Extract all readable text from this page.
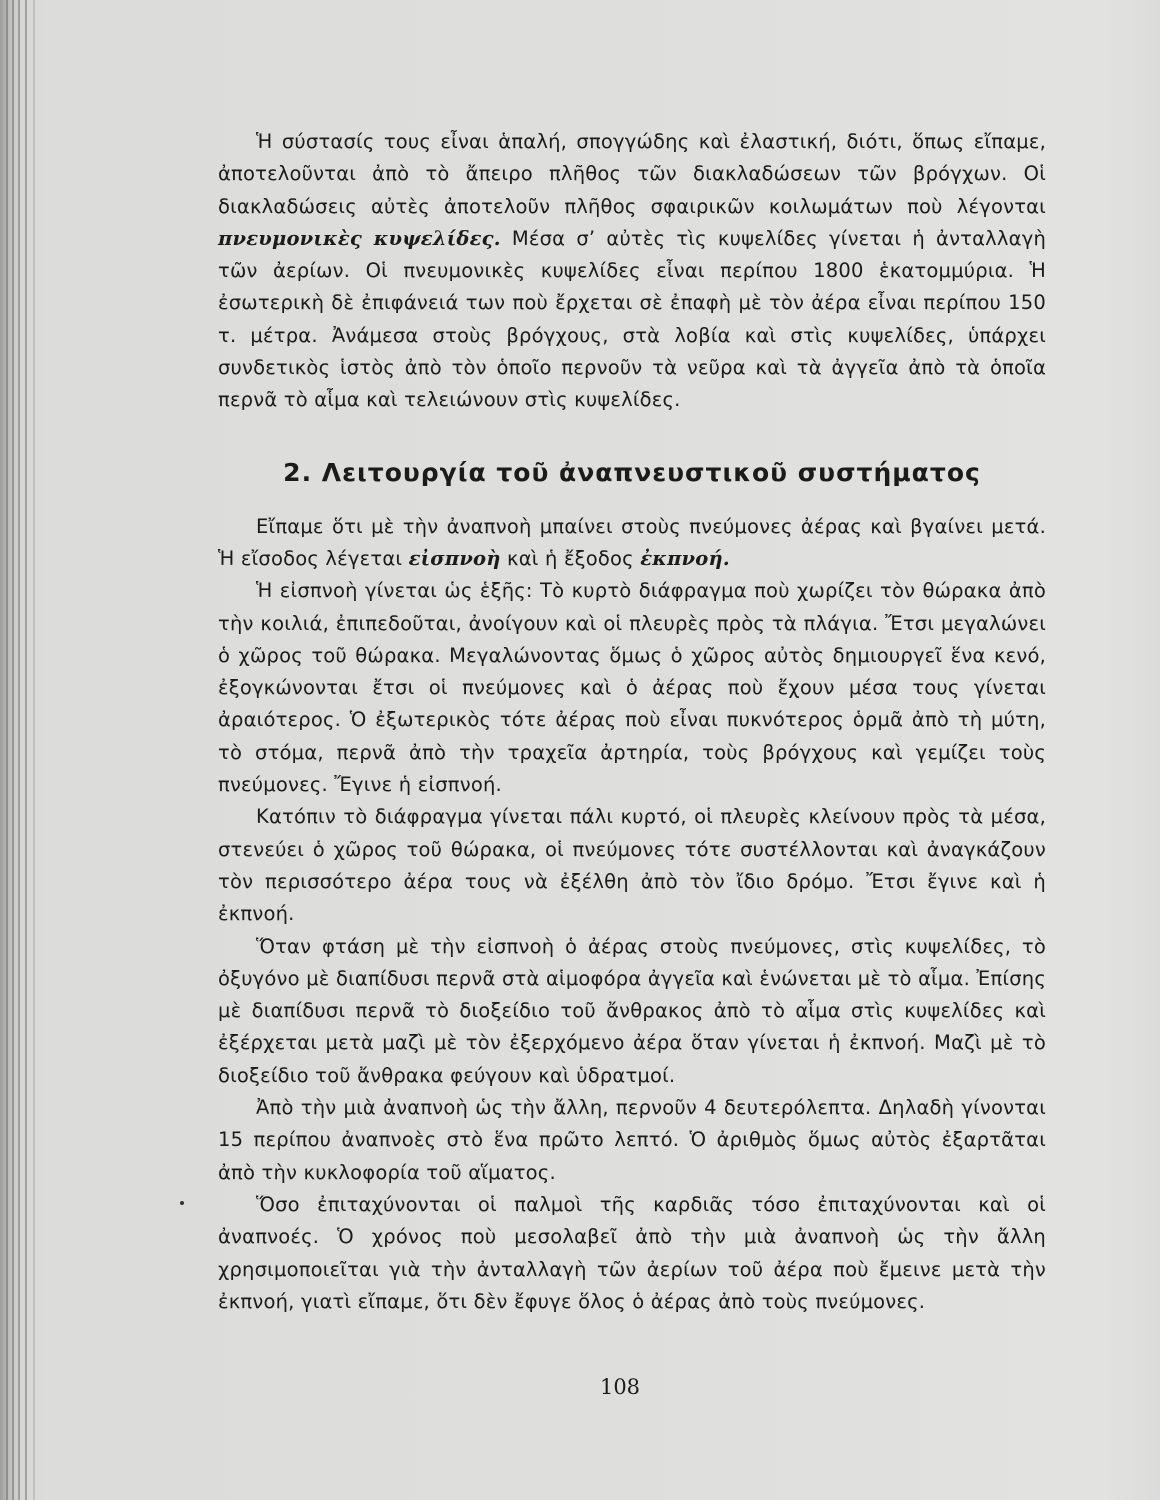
Ἡ σύστασίς τους εἶναι ἁπαλή, σπογγώδης καὶ ἐλαστική, διότι, ὅπως εἴπαμε, ἀποτελοῦνται ἀπὸ τὸ ἄπειρο πλῆθος τῶν διακλαδώσεων τῶν βρόγχων. Οἱ διακλαδώσεις αὐτὲς ἀποτελοῦν πλῆθος σφαιρικῶν κοιλωμάτων ποὺ λέγονται πνευμονικὲς κυψελίδες. Μέσα σ’ αὐτὲς τὶς κυψελίδες γίνεται ἡ ἀνταλλαγὴ τῶν ἀερίων. Οἱ πνευμονικὲς κυψελίδες εἶναι περίπου 1800 ἑκατομμύρια. Ἡ ἐσωτερικὴ δὲ ἐπιφάνειά των ποὺ ἔρχεται σὲ ἐπαφὴ μὲ τὸν ἀέρα εἶναι περίπου 150 τ. μέτρα. Ἀνάμεσα στοὺς βρόγχους, στὰ λοβία καὶ στὶς κυψελίδες, ὑπάρχει συνδετικὸς ἱστὸς ἀπὸ τὸν ὁποῖο περνοῦν τὰ νεῦρα καὶ τὰ ἀγγεῖα ἀπὸ τὰ ὁποῖα περνᾶ τὸ αἷμα καὶ τελειώνουν στὶς κυψελίδες.

2. Λειτουργία τοῦ ἀναπνευστικοῦ συστήματος

Εἴπαμε ὅτι μὲ τὴν ἀναπνοὴ μπαίνει στοὺς πνεύμονες ἀέρας καὶ βγαίνει μετά. Ἡ εἴσοδος λέγεται εἰσπνοὴ καὶ ἡ ἔξοδος ἐκπνοή.

Ἡ εἰσπνοὴ γίνεται ὡς ἑξῆς: Τὸ κυρτὸ διάφραγμα ποὺ χωρίζει τὸν θώρακα ἀπὸ τὴν κοιλιά, ἐπιπεδοῦται, ἀνοίγουν καὶ οἱ πλευρὲς πρὸς τὰ πλάγια. Ἔτσι μεγαλώνει ὁ χῶρος τοῦ θώρακα. Μεγαλώνοντας ὅμως ὁ χῶρος αὐτὸς δημιουργεῖ ἕνα κενό, ἐξογκώνονται ἔτσι οἱ πνεύμονες καὶ ὁ ἀέρας ποὺ ἔχουν μέσα τους γίνεται ἀραιότερος. Ὁ ἐξωτερικὸς τότε ἀέρας ποὺ εἶναι πυκνότερος ὁρμᾶ ἀπὸ τὴ μύτη, τὸ στόμα, περνᾶ ἀπὸ τὴν τραχεῖα ἀρτηρία, τοὺς βρόγχους καὶ γεμίζει τοὺς πνεύμονες. Ἔγινε ἡ εἰσπνοή.

Κατόπιν τὸ διάφραγμα γίνεται πάλι κυρτό, οἱ πλευρὲς κλείνουν πρὸς τὰ μέσα, στενεύει ὁ χῶρος τοῦ θώρακα, οἱ πνεύμονες τότε συστέλλονται καὶ ἀναγκάζουν τὸν περισσότερο ἀέρα τους νὰ ἐξέλθη ἀπὸ τὸν ἴδιο δρόμο. Ἔτσι ἔγινε καὶ ἡ ἐκπνοή.

Ὅταν φτάση μὲ τὴν εἰσπνοὴ ὁ ἀέρας στοὺς πνεύμονες, στὶς κυψελίδες, τὸ ὀξυγόνο μὲ διαπίδυσι περνᾶ στὰ αἱμοφόρα ἀγγεῖα καὶ ἑνώνεται μὲ τὸ αἷμα. Ἐπίσης μὲ διαπίδυσι περνᾶ τὸ διοξείδιο τοῦ ἄνθρακος ἀπὸ τὸ αἷμα στὶς κυψελίδες καὶ ἐξέρχεται μετὰ μαζὶ μὲ τὸν ἐξερχόμενο ἀέρα ὅταν γίνεται ἡ ἐκπνοή. Μαζὶ μὲ τὸ διοξείδιο τοῦ ἄνθρακα φεύγουν καὶ ὑδρατμοί.

Ἀπὸ τὴν μιὰ ἀναπνοὴ ὡς τὴν ἄλλη, περνοῦν 4 δευτερόλεπτα. Δηλαδὴ γίνονται 15 περίπου ἀναπνοὲς στὸ ἕνα πρῶτο λεπτό. Ὁ ἀριθμὸς ὅμως αὐτὸς ἐξαρτᾶται ἀπὸ τὴν κυκλοφορία τοῦ αἵματος.

Ὅσο ἐπιταχύνονται οἱ παλμοὶ τῆς καρδιᾶς τόσο ἐπιταχύνονται καὶ οἱ ἀναπνοές. Ὁ χρόνος ποὺ μεσολαβεῖ ἀπὸ τὴν μιὰ ἀναπνοὴ ὡς τὴν ἄλλη χρησιμοποιεῖται γιὰ τὴν ἀνταλλαγὴ τῶν ἀερίων τοῦ ἀέρα ποὺ ἔμεινε μετὰ τὴν ἐκπνοή, γιατὶ εἴπαμε, ὅτι δὲν ἔφυγε ὅλος ὁ ἀέρας ἀπὸ τοὺς πνεύμονες.

108
